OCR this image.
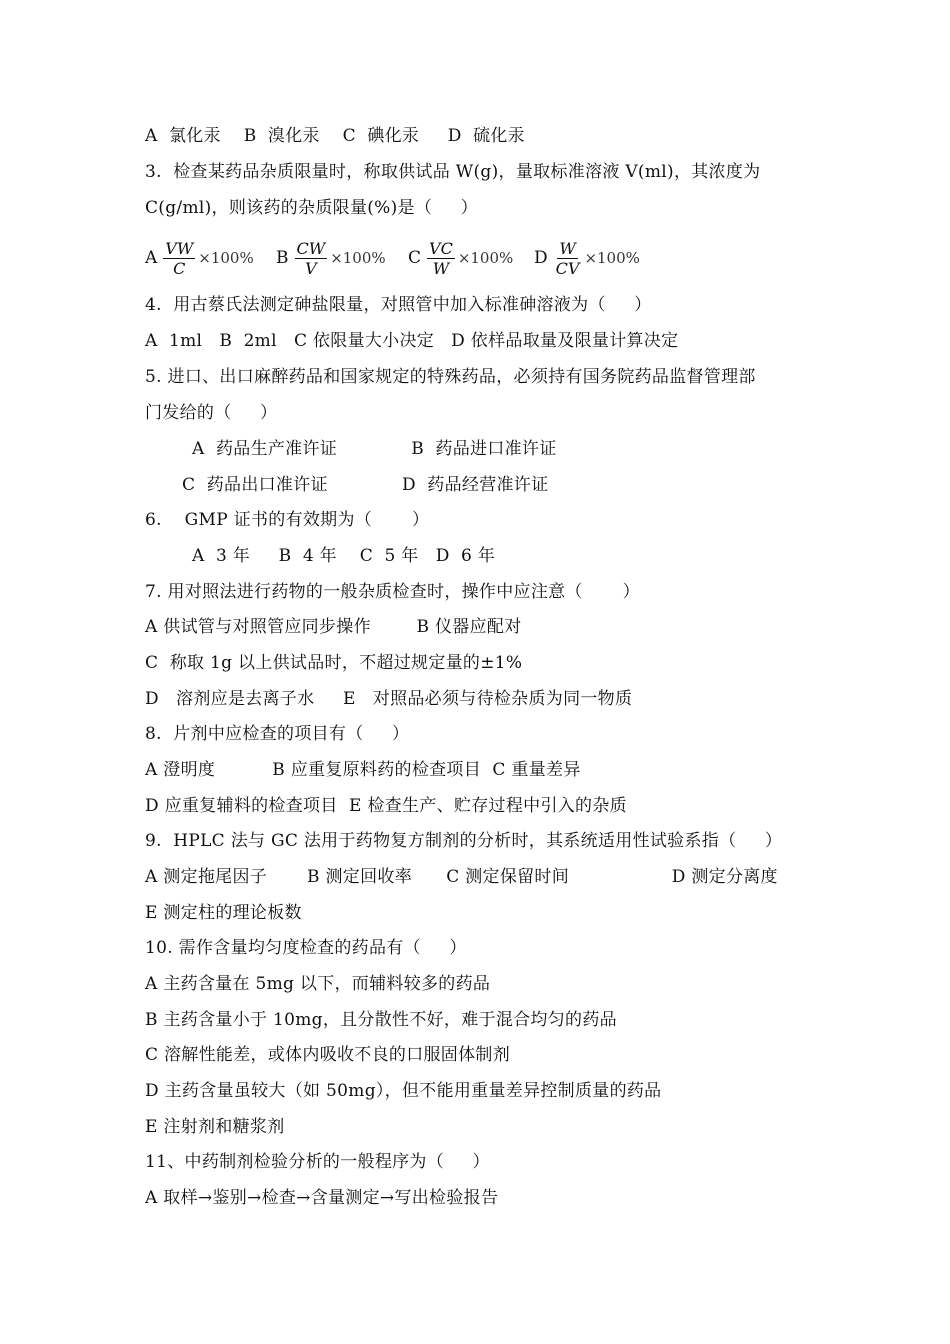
A  氯化汞    B  溴化汞    C  碘化汞     D  硫化汞
3.  检查某药品杂质限量时，称取供试品 W(g)，量取标准溶液 V(ml)，其浓度为
C(g/ml)，则该药的杂质限量(%)是（     ）
A $\frac{VW}{C} \times 100\%$ B $\frac{CW}{V} \times 100\%$ C $\frac{VC}{W} \times 100\%$ D $\frac{W}{CV} \times 100\%$
4.  用古蔡氏法测定砷盐限量，对照管中加入标准砷溶液为（     ）
A  1ml   B  2ml   C 依限量大小决定   D 依样品取量及限量计算决定
5. 进口、出口麻醉药品和国家规定的特殊药品，必须持有国务院药品监督管理部
门发给的（     ）
A  药品生产准许证             B  药品进口准许证
C  药品出口准许证             D  药品经营准许证
6.    GMP 证书的有效期为（       ）
A  3 年     B  4 年    C  5 年   D  6 年
7. 用对照法进行药物的一般杂质检查时，操作中应注意（       ）
A 供试管与对照管应同步操作        B 仪器应配对
C  称取 1g 以上供试品时，不超过规定量的±1%
D   溶剂应是去离子水     E   对照品必须与待检杂质为同一物质
8.  片剂中应检查的项目有（     ）
A 澄明度          B 应重复原料药的检查项目  C 重量差异
D 应重复辅料的检查项目  E 检查生产、贮存过程中引入的杂质
9.  HPLC 法与 GC 法用于药物复方制剂的分析时，其系统适用性试验系指（     ）
A 测定拖尾因子       B 测定回收率      C 测定保留时间                  D 测定分离度
E 测定柱的理论板数
10. 需作含量均匀度检查的药品有（     ）
A 主药含量在 5mg 以下，而辅料较多的药品
B 主药含量小于 10mg，且分散性不好，难于混合均匀的药品
C 溶解性能差，或体内吸收不良的口服固体制剂
D 主药含量虽较大（如 50mg），但不能用重量差异控制质量的药品
E 注射剂和糖浆剂
11、中药制剂检验分析的一般程序为（     ）
A 取样→鉴别→检查→含量测定→写出检验报告
